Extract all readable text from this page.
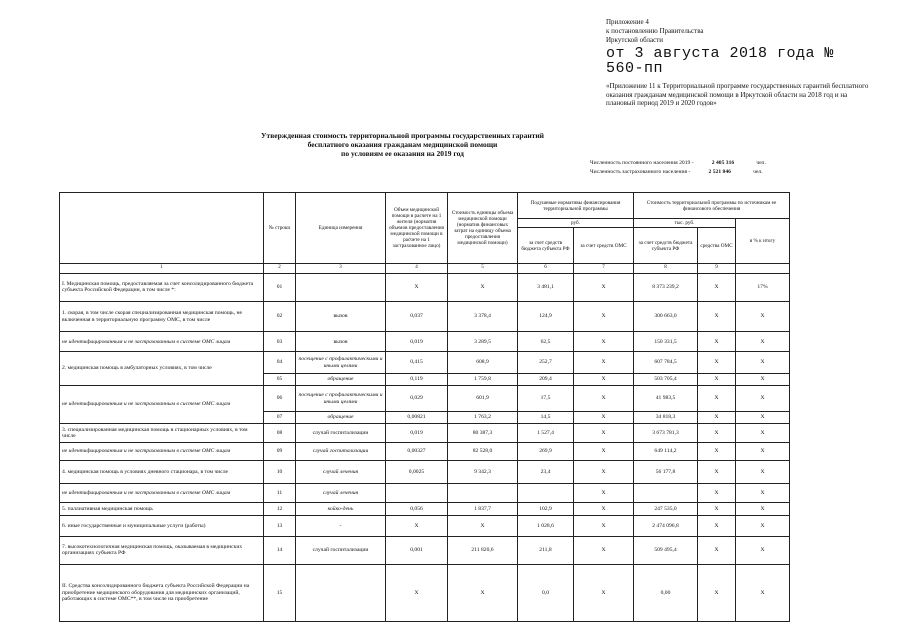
Приложение 4
к постановлению Правительства
Иркутской области
от 3 августа 2018 года № 560-пп
«Приложение 11 к Территориальной программе государственных гарантий бесплатного оказания гражданам медицинской помощи в Иркутской области на 2018 год и на плановый период 2019 и 2020 годов»
Утвержденная стоимость территориальной программы государственных гарантий
бесплатного оказания гражданам медицинской помощи
по условиям ее оказания на 2019 год
Численность постоянного населения 2019 -	2 405 316	чел.
Численность застрахованного населения -	2 521 846	чел.
	№ строки	Единица измерения	Объем медицинской помощи в расчете на 1 жителя (норматив объемов предоставления медицинской помощи в расчете на 1 застрахованное лицо)	Стоимость единицы объема медицинской помощи (норматив финансовых затрат на единицу объема предоставления медицинской помощи)	Подушевые нормативы финансирования территориальной программы		Стоимость территориальной программы по источникам ее финансового обеспечения		
					руб.		тыс. руб.		в % к итогу
					за счет средств бюджета субъекта РФ	за счет средств ОМС	за счет средств бюджета субъекта РФ	средства ОМС	
1	2	3	4	5	6	7	8	9	
I. Медицинская помощь, предоставляемая за счет консолидированного бюджета субъекта Российской Федерации, в том числе *:	01		X	X	3 481,1	X	8 373 239,2	X	17%
1. скорая, в том числе скорая специализированная медицинская помощь, не включенная в территориальную программу ОМС, в том числе	02	вызов	0,037	3 378,4	124,9	X	300 663,0	X	X
не идентифицированным и не застрахованным в системе ОМС лицам	03	вызов	0,019	3 289,5	62,5	X	150 331,5	X	X
2. медицинская помощь в амбулаторных условиях, в том числе	04	посещение с профилактическими и иными целями	0,415	608,9	252,7	X	607 784,5	X	X
	05	обращение	0,119	1 759,8	209,4	X	503 705,4	X	X
не идентифицированным и не застрахованным в системе ОМС лицам	06	посещение с профилактическими и иными целями	0,029	601,9	17,5	X	41 983,5	X	X
	07	обращение	0,00821	1 763,2	14,5	X	34 818,3	X	X
3. специализированная медицинская помощь в стационарных условиях, в том числе	08	случай госпитализации	0,019	80 387,3	1 527,4	X	3 673 781,3	X	X
не идентифицированным и не застрахованным в системе ОМС лицам	09	случай госпитализации	0,00327	82 528,0	269,9	X	649 114,2	X	X
4. медицинская помощь в условиях дневного стационара, в том числе	10	случай лечения	0,0025	9 342,3	23,4	X	56 177,8	X	X
не идентифицированным и не застрахованным в системе ОМС лицам	11	случай лечения				X		X	X
5. паллиативная медицинская помощь	12	койко-день	0,056	1 837,7	102,9	X	247 535,0	X	X
6. иные государственные и муниципальные услуги (работы)	13	-	X	X	1 028,6	X	2 474 096,8	X	X
7. высокотехнологичная медицинская помощь, оказываемая в медицинских организациях субъекта РФ	14	случай госпитализации	0,001	211 820,6	211,8	X	509 495,4	X	X
II. Средства консолидированного бюджета субъекта Российской Федерации на приобретение медицинского оборудования для медицинских организаций, работающих в системе ОМС**, в том числе на приобретение	15		X	X	0,0	X	0,00	X	X
